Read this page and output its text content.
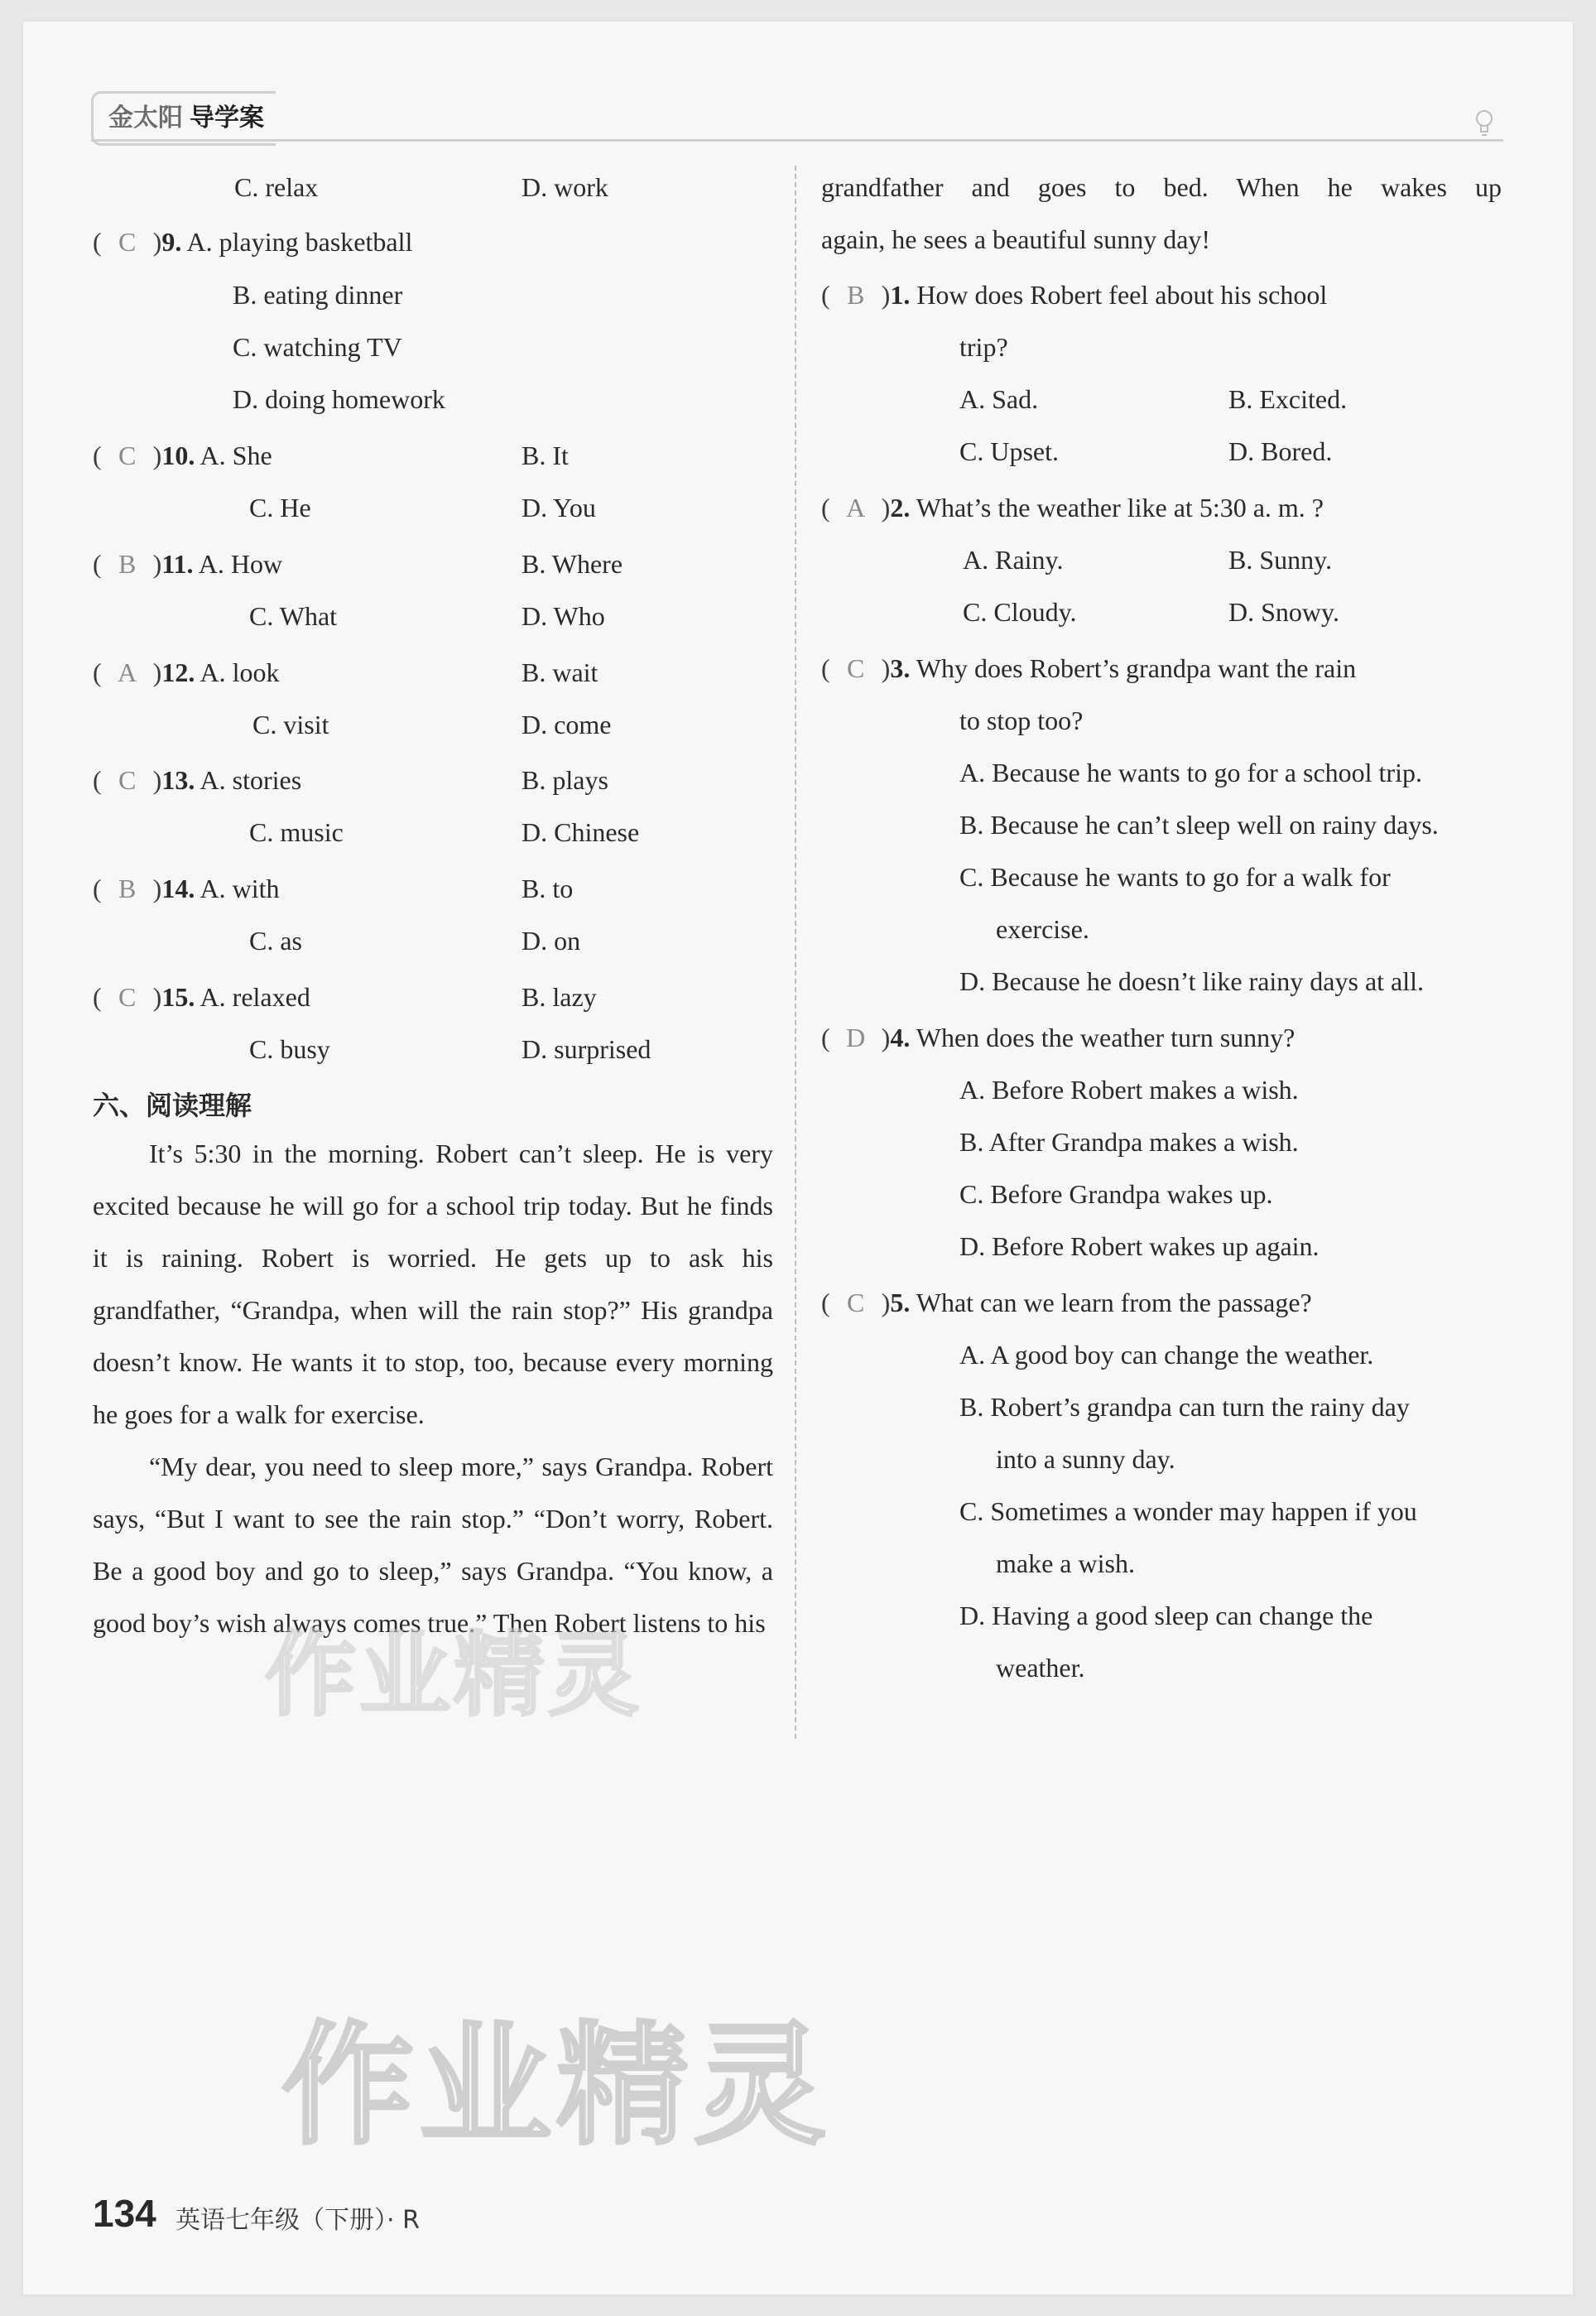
金太阳 导学案
C. relax	D. work
( C )9. A. playing basketball
B. eating dinner
C. watching TV
D. doing homework
( C )10. A. She	B. It
C. He	D. You
( B )11. A. How	B. Where
C. What	D. Who
( A )12. A. look	B. wait
C. visit	D. come
( C )13. A. stories	B. plays
C. music	D. Chinese
( B )14. A. with	B. to
C. as	D. on
( C )15. A. relaxed	B. lazy
C. busy	D. surprised
六、阅读理解

It’s 5:30 in the morning. Robert can’t sleep. He is very excited because he will go for a school trip today. But he finds it is raining. Robert is worried. He gets up to ask his grandfather, “Grandpa, when will the rain stop?” His grandpa doesn’t know. He wants it to stop, too, because every morning he goes for a walk for exercise.

“My dear, you need to sleep more,” says Grandpa. Robert says, “But I want to see the rain stop.” “Don’t worry, Robert. Be a good boy and go to sleep,” says Grandpa. “You know, a good boy’s wish always comes true.” Then Robert listens to his

grandfather and goes to bed. When he wakes up
again, he sees a beautiful sunny day!
( B )1. How does Robert feel about his school
trip?
A. Sad.	B. Excited.
C. Upset.	D. Bored.
( A )2. What’s the weather like at 5:30 a. m. ?
A. Rainy.	B. Sunny.
C. Cloudy.	D. Snowy.
( C )3. Why does Robert’s grandpa want the rain
to stop too?
A. Because he wants to go for a school trip.
B. Because he can’t sleep well on rainy days.
C. Because he wants to go for a walk for
exercise.
D. Because he doesn’t like rainy days at all.
( D )4. When does the weather turn sunny?
A. Before Robert makes a wish.
B. After Grandpa makes a wish.
C. Before Grandpa wakes up.
D. Before Robert wakes up again.
( C )5. What can we learn from the passage?
A. A good boy can change the weather.
B. Robert’s grandpa can turn the rainy day
into a sunny day.
C. Sometimes a wonder may happen if you
make a wish.
D. Having a good sleep can change the
weather.
作业精灵
作业精灵
134 英语七年级（下册）· R
